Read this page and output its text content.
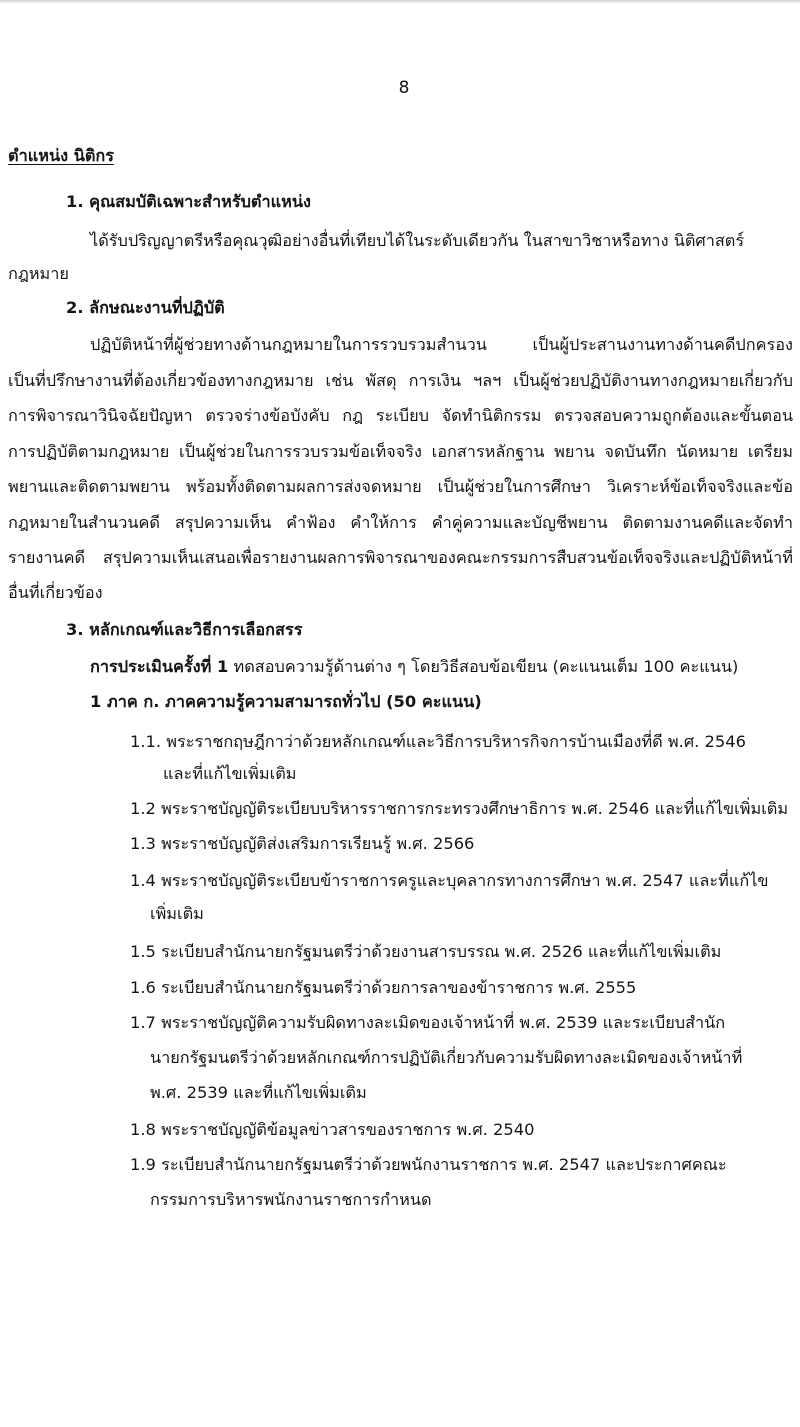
8
ตำแหน่ง นิติกร
1. คุณสมบัติเฉพาะสำหรับตำแหน่ง
ได้รับปริญญาตรีหรือคุณวุฒิอย่างอื่นที่เทียบได้ในระดับเดียวกัน ในสาขาวิชาหรือทาง นิติศาสตร์
กฎหมาย
2. ลักษณะงานที่ปฏิบัติ
ปฏิบัติหน้าที่ผู้ช่วยทางด้านกฎหมายในการรวบรวมสำนวน เป็นผู้ประสานงานทางด้านคดีปกครอง
เป็นที่ปรึกษางานที่ต้องเกี่ยวข้องทางกฎหมาย เช่น พัสดุ การเงิน ฯลฯ เป็นผู้ช่วยปฏิบัติงานทางกฎหมายเกี่ยวกับ
การพิจารณาวินิจฉัยปัญหา ตรวจร่างข้อบังคับ กฎ ระเบียบ จัดทำนิติกรรม ตรวจสอบความถูกต้องและขั้นตอน
การปฏิบัติตามกฎหมาย เป็นผู้ช่วยในการรวบรวมข้อเท็จจริง เอกสารหลักฐาน พยาน จดบันทึก นัดหมาย เตรียม
พยานและติดตามพยาน พร้อมทั้งติดตามผลการส่งจดหมาย เป็นผู้ช่วยในการศึกษา วิเคราะห์ข้อเท็จจริงและข้อ
กฎหมายในสำนวนคดี สรุปความเห็น คำฟ้อง คำให้การ คำคู่ความและบัญชีพยาน ติดตามงานคดีและจัดทำ
รายงานคดี สรุปความเห็นเสนอเพื่อรายงานผลการพิจารณาของคณะกรรมการสืบสวนข้อเท็จจริงและปฏิบัติหน้าที่
อื่นที่เกี่ยวข้อง
3. หลักเกณฑ์และวิธีการเลือกสรร
การประเมินครั้งที่ 1 ทดสอบความรู้ด้านต่าง ๆ โดยวิธีสอบข้อเขียน (คะแนนเต็ม 100 คะแนน)
1 ภาค ก. ภาคความรู้ความสามารถทั่วไป (50 คะแนน)
1.1. พระราชกฤษฎีกาว่าด้วยหลักเกณฑ์และวิธีการบริหารกิจการบ้านเมืองที่ดี พ.ศ. 2546
และที่แก้ไขเพิ่มเติม
1.2 พระราชบัญญัติระเบียบบริหารราชการกระทรวงศึกษาธิการ พ.ศ. 2546 และที่แก้ไขเพิ่มเติม
1.3 พระราชบัญญัติส่งเสริมการเรียนรู้ พ.ศ. 2566
1.4 พระราชบัญญัติระเบียบข้าราชการครูและบุคลากรทางการศึกษา พ.ศ. 2547 และที่แก้ไข
เพิ่มเติม
1.5 ระเบียบสำนักนายกรัฐมนตรีว่าด้วยงานสารบรรณ พ.ศ. 2526 และที่แก้ไขเพิ่มเติม
1.6 ระเบียบสำนักนายกรัฐมนตรีว่าด้วยการลาของข้าราชการ พ.ศ. 2555
1.7 พระราชบัญญัติความรับผิดทางละเมิดของเจ้าหน้าที่ พ.ศ. 2539 และระเบียบสำนัก
นายกรัฐมนตรีว่าด้วยหลักเกณฑ์การปฏิบัติเกี่ยวกับความรับผิดทางละเมิดของเจ้าหน้าที่
พ.ศ. 2539 และที่แก้ไขเพิ่มเติม
1.8 พระราชบัญญัติข้อมูลข่าวสารของราชการ พ.ศ. 2540
1.9 ระเบียบสำนักนายกรัฐมนตรีว่าด้วยพนักงานราชการ พ.ศ. 2547 และประกาศคณะ
กรรมการบริหารพนักงานราชการกำหนด
